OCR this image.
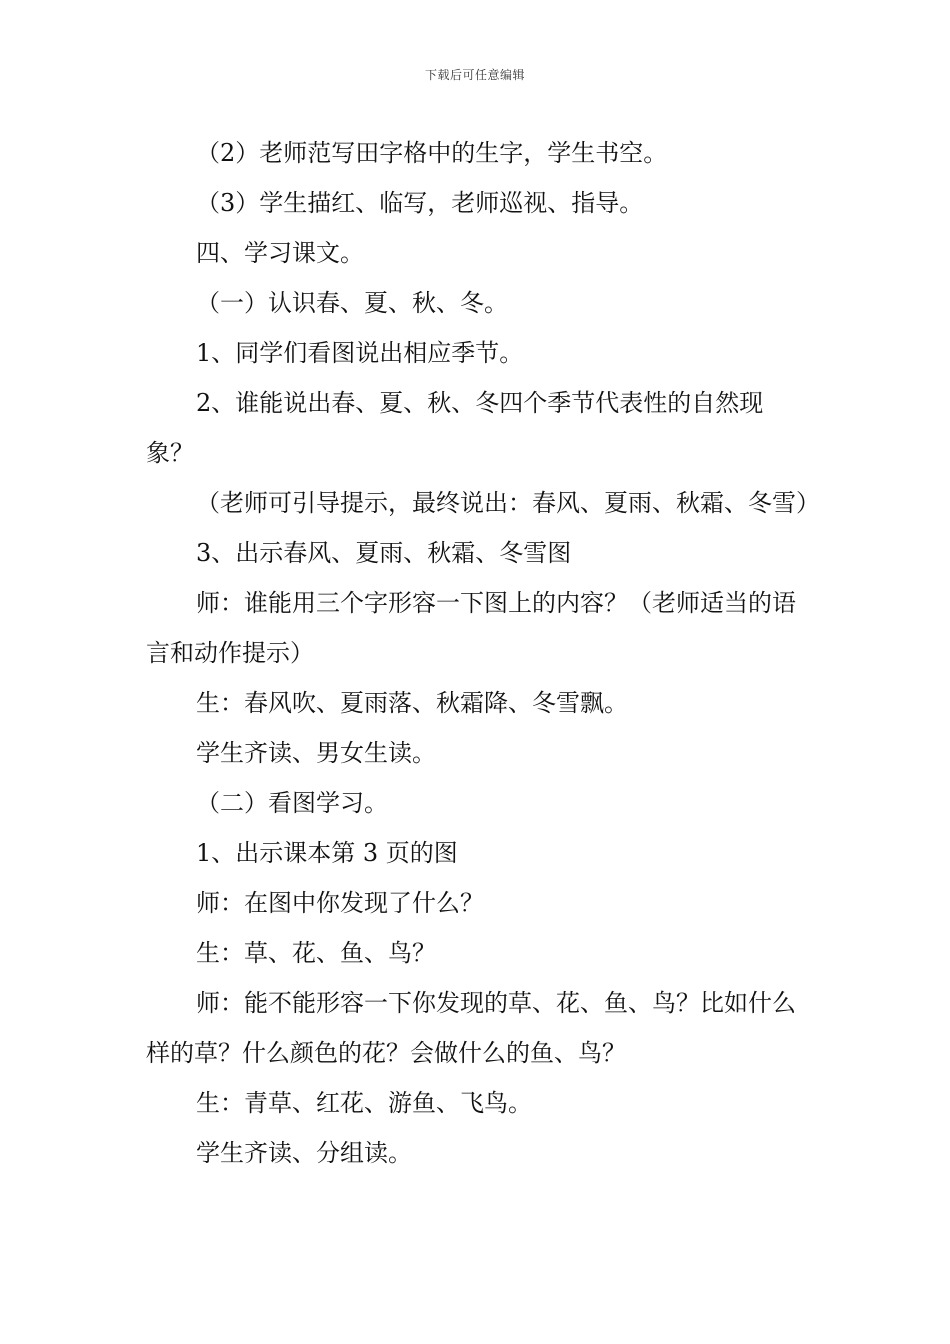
下载后可任意编辑

（2）老师范写田字格中的生字，学生书空。

（3）学生描红、临写，老师巡视、指导。

四、学习课文。

（一）认识春、夏、秋、冬。

1、同学们看图说出相应季节。

2、谁能说出春、夏、秋、冬四个季节代表性的自然现象？

（老师可引导提示，最终说出：春风、夏雨、秋霜、冬雪）

3、出示春风、夏雨、秋霜、冬雪图

师：谁能用三个字形容一下图上的内容？（老师适当的语言和动作提示）

生：春风吹、夏雨落、秋霜降、冬雪飘。

学生齐读、男女生读。

（二）看图学习。

1、出示课本第 3 页的图

师：在图中你发现了什么？

生：草、花、鱼、鸟？

师：能不能形容一下你发现的草、花、鱼、鸟？比如什么样的草？什么颜色的花？会做什么的鱼、鸟？

生：青草、红花、游鱼、飞鸟。

学生齐读、分组读。
